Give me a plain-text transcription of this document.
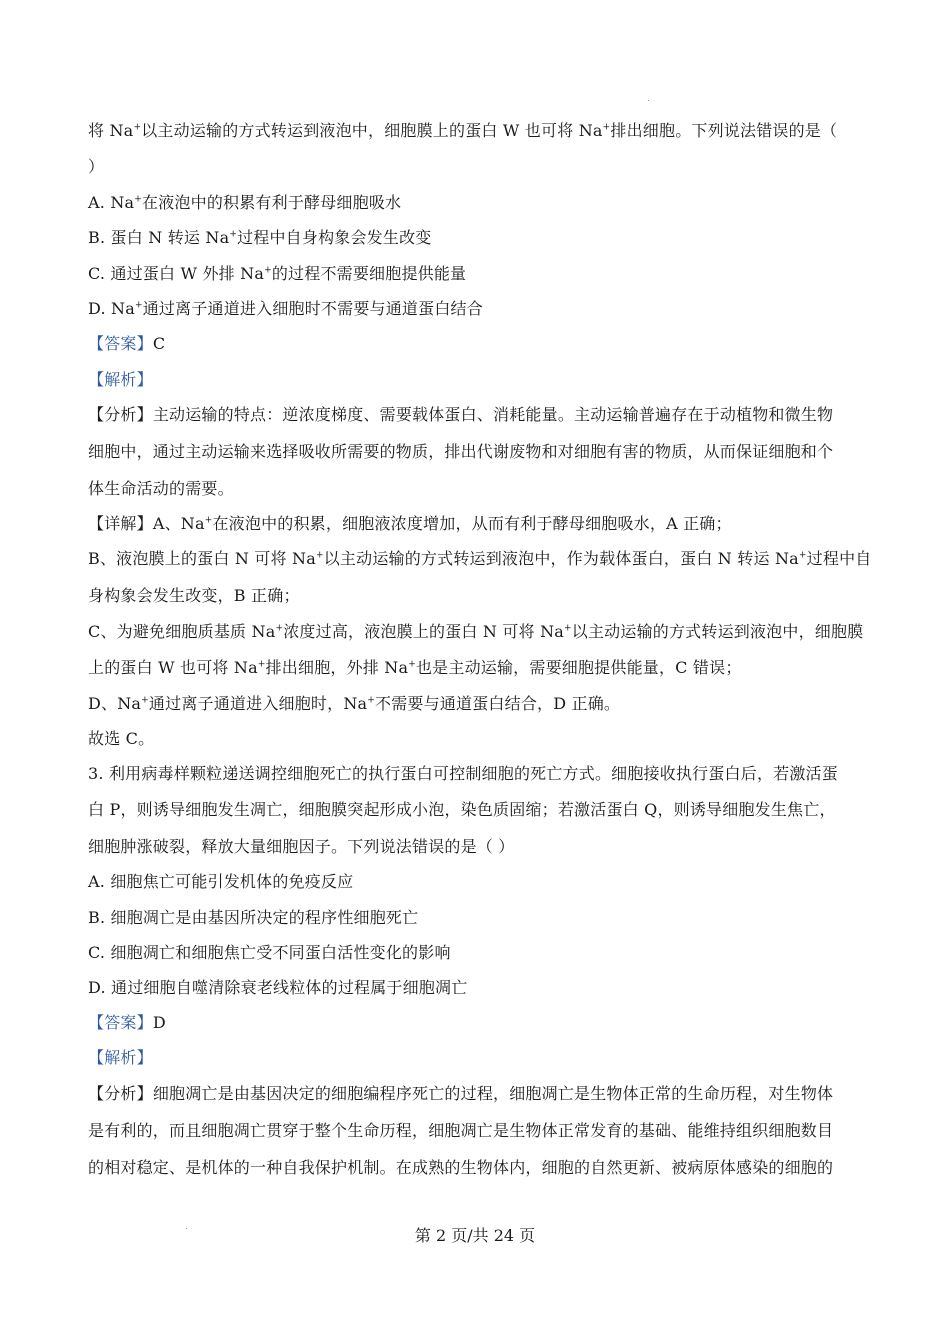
将 Na+以主动运输的方式转运到液泡中，细胞膜上的蛋白 W 也可将 Na+排出细胞。下列说法错误的是（
）
A. Na+在液泡中的积累有利于酵母细胞吸水
B. 蛋白 N 转运 Na+过程中自身构象会发生改变
C. 通过蛋白 W 外排 Na+的过程不需要细胞提供能量
D. Na+通过离子通道进入细胞时不需要与通道蛋白结合
【答案】C
【解析】
【分析】主动运输的特点：逆浓度梯度、需要载体蛋白、消耗能量。主动运输普遍存在于动植物和微生物
细胞中，通过主动运输来选择吸收所需要的物质，排出代谢废物和对细胞有害的物质，从而保证细胞和个
体生命活动的需要。
【详解】A、Na+在液泡中的积累，细胞液浓度增加，从而有利于酵母细胞吸水，A 正确；
B、液泡膜上的蛋白 N 可将 Na+以主动运输的方式转运到液泡中，作为载体蛋白，蛋白 N 转运 Na+过程中自
身构象会发生改变，B 正确；
C、为避免细胞质基质 Na+浓度过高，液泡膜上的蛋白 N 可将 Na+以主动运输的方式转运到液泡中，细胞膜
上的蛋白 W 也可将 Na+排出细胞，外排 Na+也是主动运输，需要细胞提供能量，C 错误；
D、Na+通过离子通道进入细胞时，Na+不需要与通道蛋白结合，D 正确。
故选 C。
3. 利用病毒样颗粒递送调控细胞死亡的执行蛋白可控制细胞的死亡方式。细胞接收执行蛋白后，若激活蛋
白 P，则诱导细胞发生凋亡，细胞膜突起形成小泡，染色质固缩；若激活蛋白 Q，则诱导细胞发生焦亡，
细胞肿涨破裂，释放大量细胞因子。下列说法错误的是（ ）
A. 细胞焦亡可能引发机体的免疫反应
B. 细胞凋亡是由基因所决定的程序性细胞死亡
C. 细胞凋亡和细胞焦亡受不同蛋白活性变化的影响
D. 通过细胞自噬清除衰老线粒体的过程属于细胞凋亡
【答案】D
【解析】
【分析】细胞凋亡是由基因决定的细胞编程序死亡的过程，细胞凋亡是生物体正常的生命历程，对生物体
是有利的，而且细胞凋亡贯穿于整个生命历程，细胞凋亡是生物体正常发育的基础、能维持组织细胞数目
的相对稳定、是机体的一种自我保护机制。在成熟的生物体内，细胞的自然更新、被病原体感染的细胞的
第 2 页/共 24 页
